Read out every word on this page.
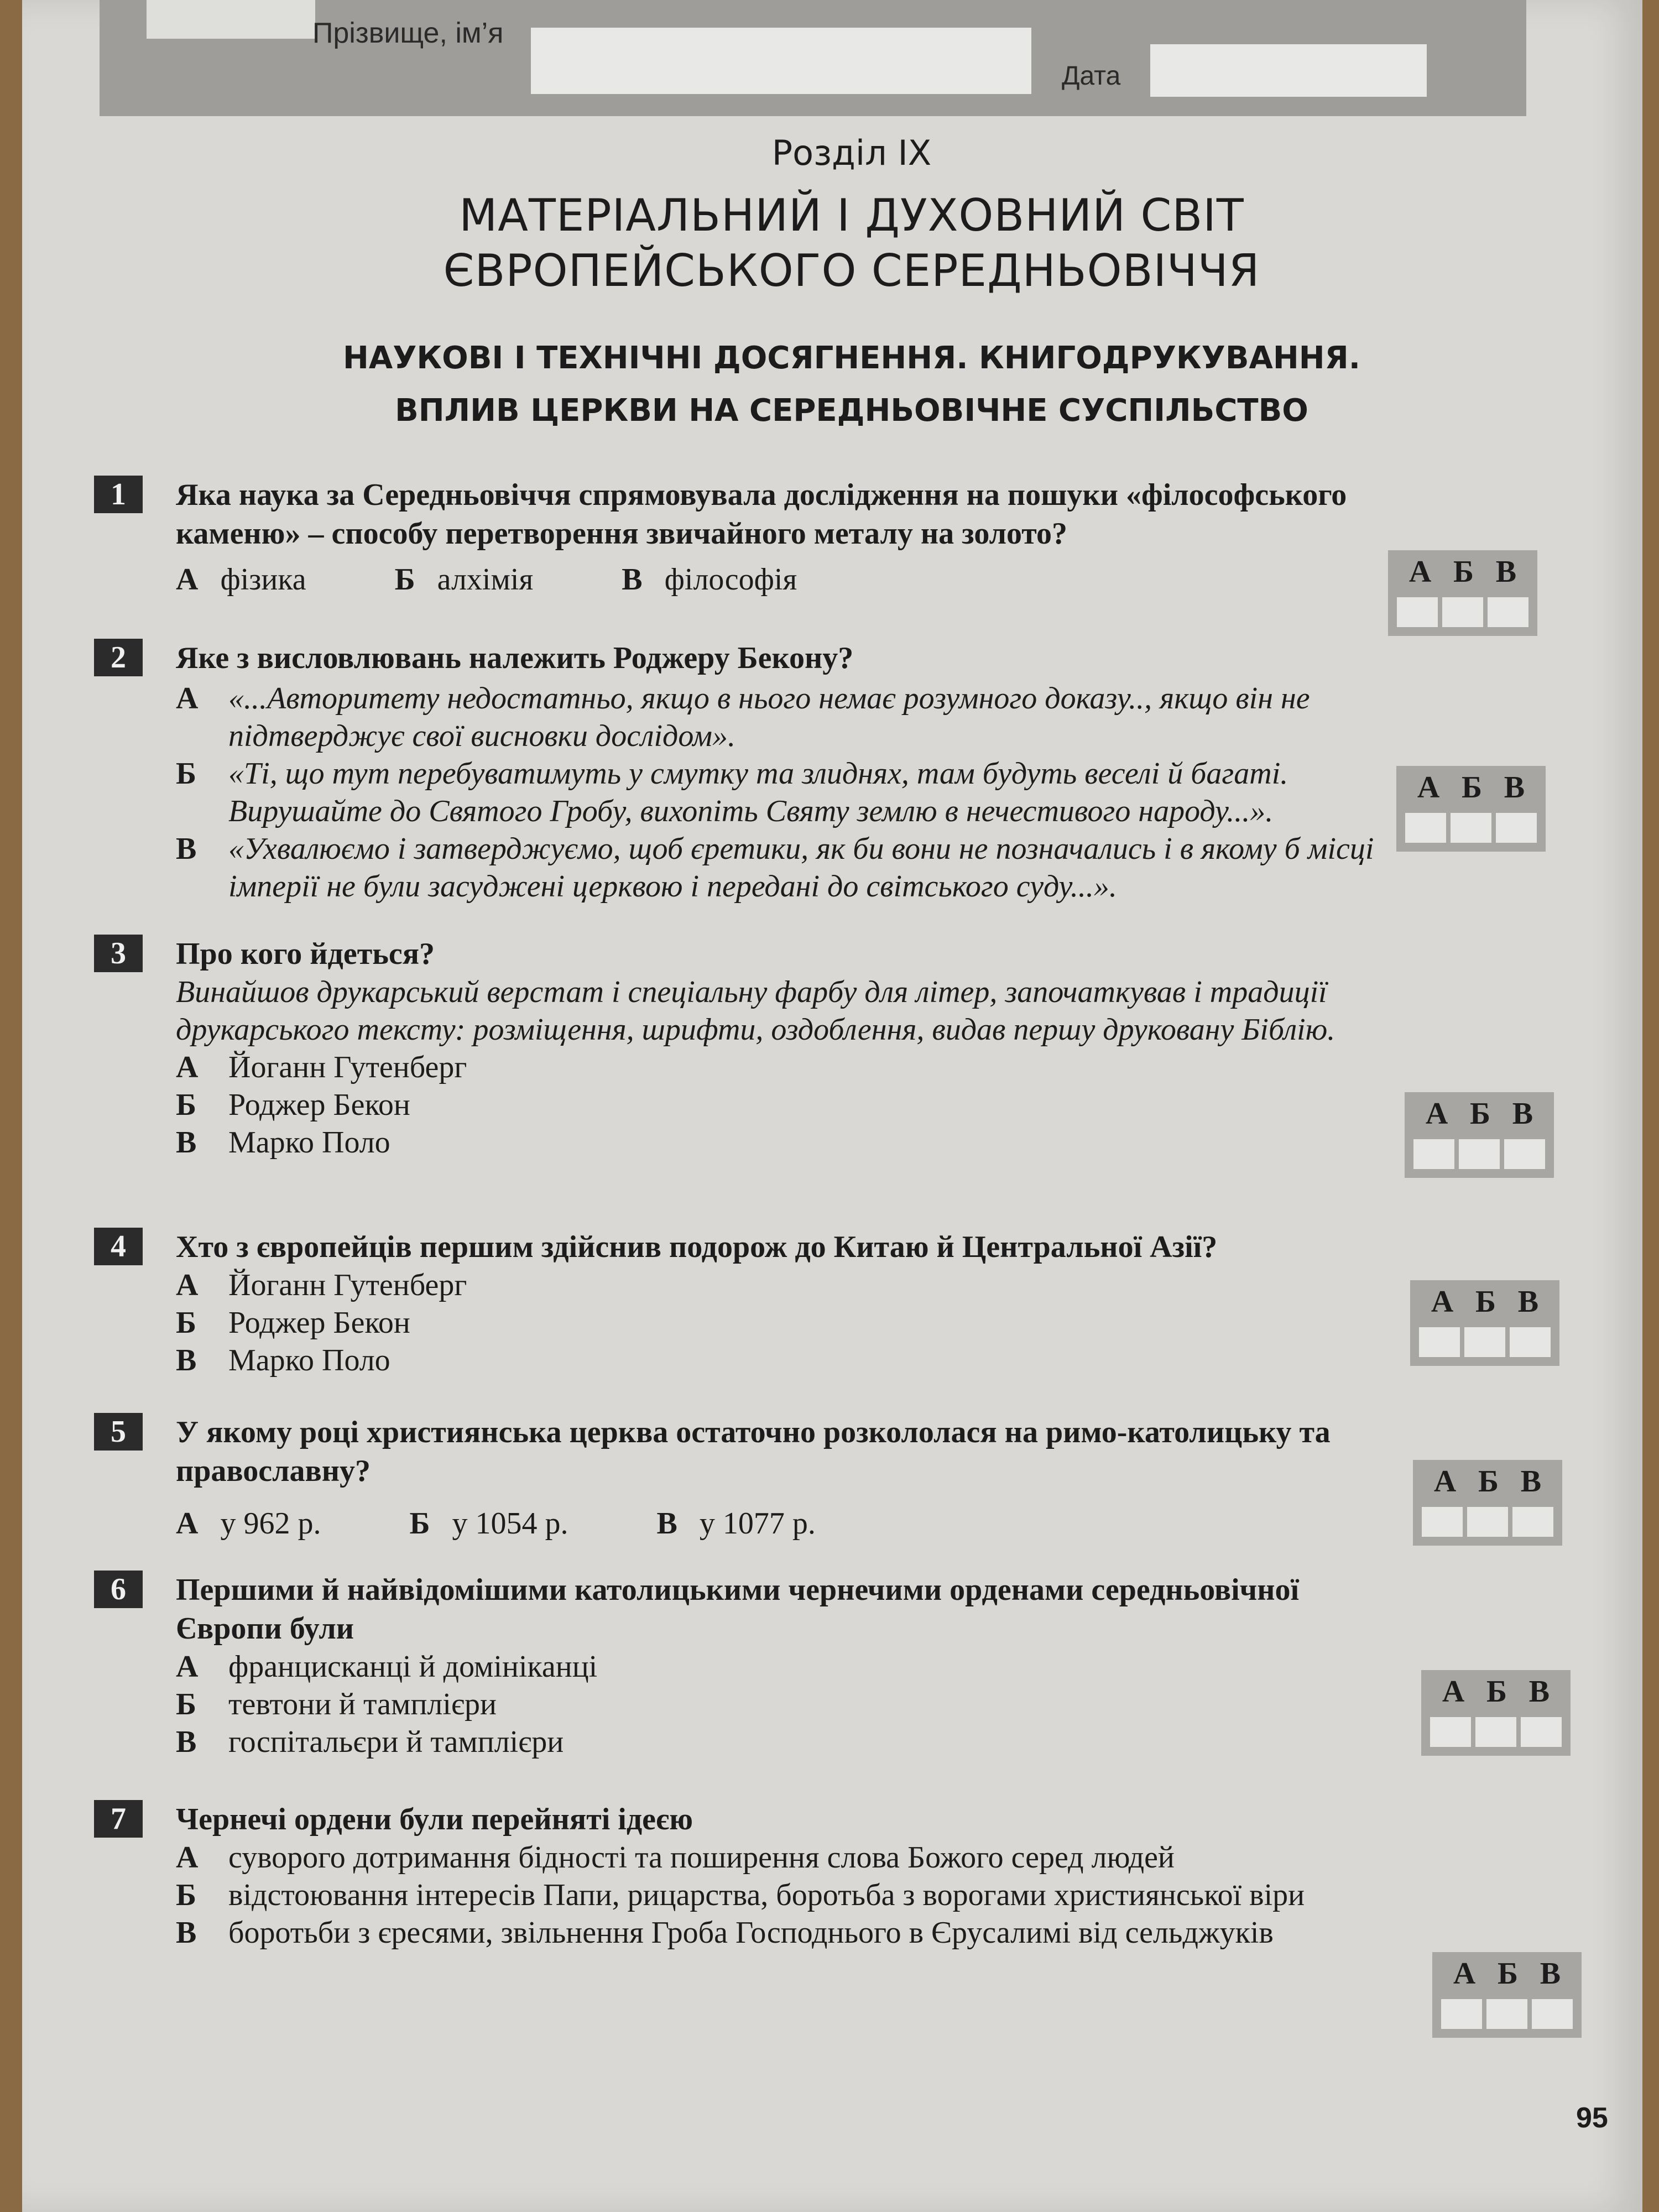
Прізвище, ім’я
Дата
Розділ IX
МАТЕРІАЛЬНИЙ І ДУХОВНИЙ СВІТ
ЄВРОПЕЙСЬКОГО СЕРЕДНЬОВІЧЧЯ
НАУКОВІ І ТЕХНІЧНІ ДОСЯГНЕННЯ. КНИГОДРУКУВАННЯ.
ВПЛИВ ЦЕРКВИ НА СЕРЕДНЬОВІЧНЕ СУСПІЛЬСТВО
1	Яка наука за Середньовіччя спрямовувала дослідження на пошуки «філософського каменю» – способу перетворення звичайного металу на золото?
А фізика	Б алхімія	В філософія	А Б В
2	Яке з висловлювань належить Роджеру Бекону?
А «...Авторитету недостатньо, якщо в нього немає розумного доказу.., якщо він не підтверджує свої висновки дослідом».
Б	«Ті, що тут перебуватимуть у смутку та злиднях, там будуть веселі й багаті. Вирушайте до Святого Гробу, вихопіть Святу землю в нечестивого народу...».
В	«Ухвалюємо і затверджуємо, щоб єретики, як би вони не позначались і в якому б місці імперії не були засуджені церквою і передані до світського суду...».
А Б В
3	Про кого йдеться?
Винайшов друкарський верстат і спеціальну фарбу для літер, започаткував і традиції друкарського тексту: розміщення, шрифти, оздоблення, видав першу друковану Біблію.
А Йоганн Гутенберг
Б	Роджер Бекон
В	Марко Поло
А Б В
4	Хто з європейців першим здійснив подорож до Китаю й Центральної Азії?
А Йоганн Гутенберг
Б	Роджер Бекон
В	Марко Поло
А Б В
5	У якому році християнська церква остаточно розкололася на римо-католицьку та православну?
А у 962 р.	Б у 1054 р.	В у 1077 р.
А Б В
6	Першими й найвідомішими католицькими чернечими орденами середньовічної Європи були
А францисканці й домініканці
Б	тевтони й тамплієри
В	госпітальєри й тамплієри
А Б В
7	Чернечі ордени були перейняті ідеєю
А суворого дотримання бідності та поширення слова Божого серед людей
Б	відстоювання інтересів Папи, рицарства, боротьба з ворогами християнської віри
В	боротьби з єресями, звільнення Гроба Господнього в Єрусалимі від сельджуків
А Б В
95
